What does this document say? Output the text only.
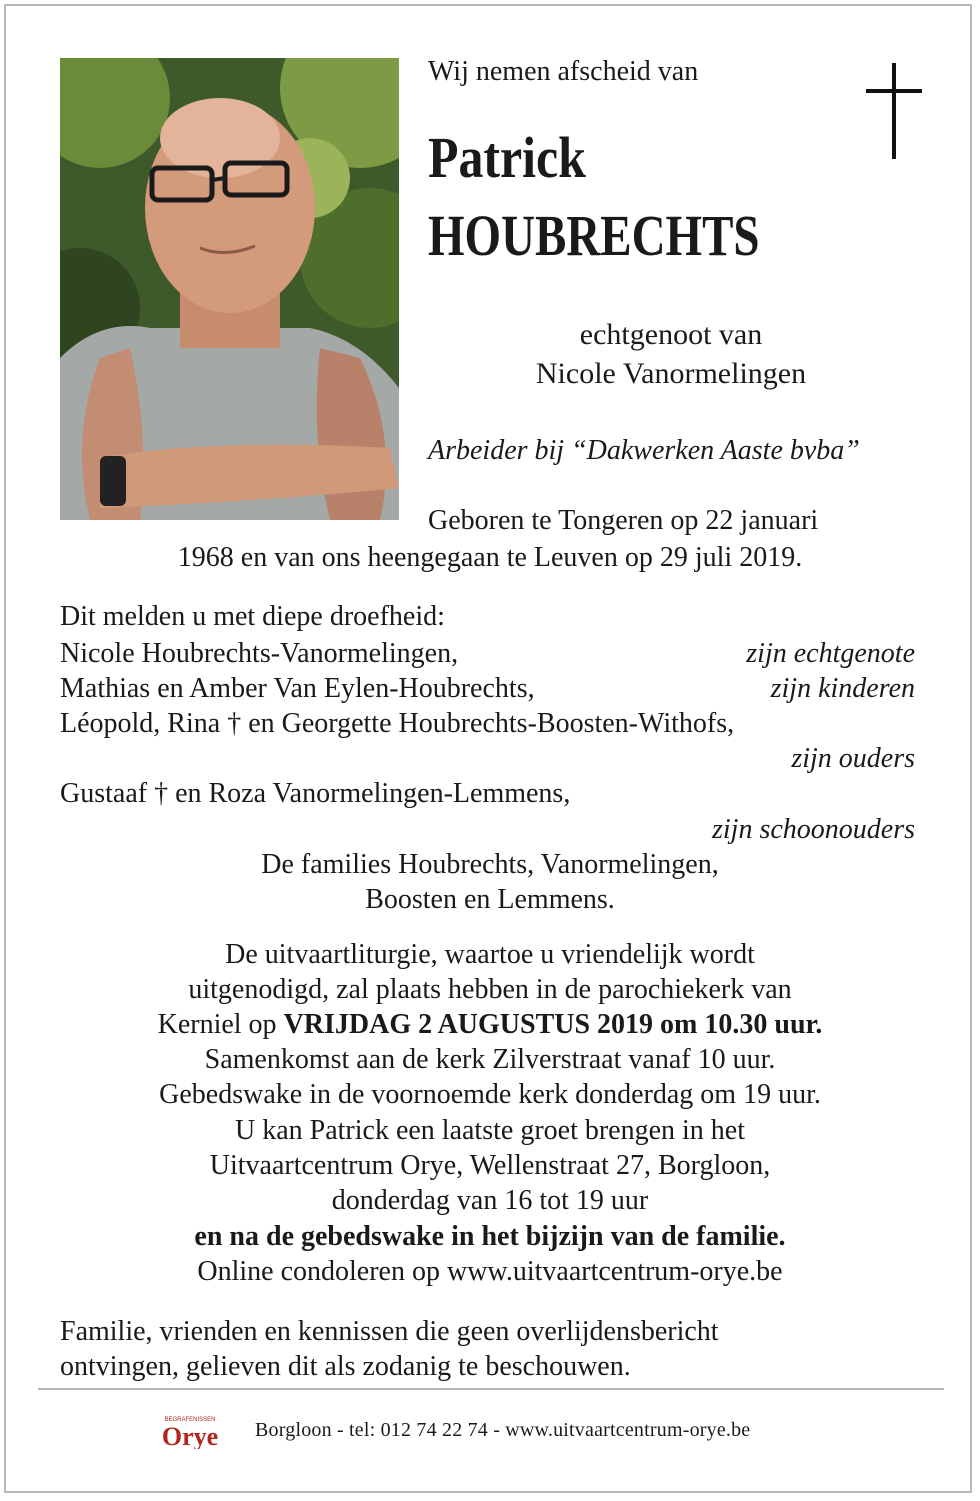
Wij nemen afscheid van
Patrick
HOUBRECHTS
echtgenoot van
Nicole Vanormelingen
Arbeider bij “Dakwerken Aaste bvba”
Geboren te Tongeren op 22 januari
1968 en van ons heengegaan te Leuven op 29 juli 2019.
Dit melden u met diepe droefheid:
Nicole Houbrechts-Vanormelingen,	zijn echtgenote
Mathias en Amber Van Eylen-Houbrechts,	zijn kinderen
Léopold, Rina † en Georgette Houbrechts-Boosten-Withofs,
zijn ouders
Gustaaf † en Roza Vanormelingen-Lemmens,
zijn schoonouders
De families Houbrechts, Vanormelingen,
Boosten en Lemmens.
De uitvaartliturgie, waartoe u vriendelijk wordt
uitgenodigd, zal plaats hebben in de parochiekerk van
Kerniel op VRIJDAG 2 AUGUSTUS 2019 om 10.30 uur.
Samenkomst aan de kerk Zilverstraat vanaf 10 uur.
Gebedswake in de voornoemde kerk donderdag om 19 uur.
U kan Patrick een laatste groet brengen in het
Uitvaartcentrum Orye, Wellenstraat 27, Borgloon,
donderdag van 16 tot 19 uur
en na de gebedswake in het bijzijn van de familie.
Online condoleren op www.uitvaartcentrum-orye.be
Familie, vrienden en kennissen die geen overlijdensbericht
ontvingen, gelieven dit als zodanig te beschouwen.
BEGRAFENISSEN
Orye Borgloon - tel: 012 74 22 74 - www.uitvaartcentrum-orye.be
